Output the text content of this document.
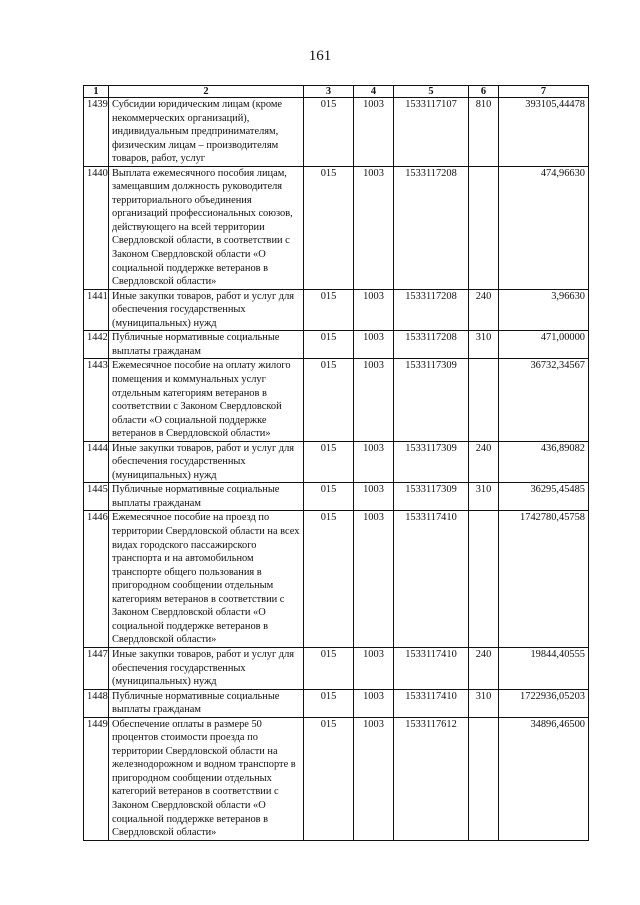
161
1	2	3	4	5	6	7
1439	Субсидии юридическим лицам (кроме некоммерческих организаций), индивидуальным предпринимателям, физическим лицам – производителям товаров, работ, услуг	015	1003	1533117107	810	393105,44478
1440	Выплата ежемесячного пособия лицам, замещавшим должность руководителя территориального объединения организаций профессиональных союзов, действующего на всей территории Свердловской области, в соответствии с Законом Свердловской области «О социальной поддержке ветеранов в Свердловской области»	015	1003	1533117208		474,96630
1441	Иные закупки товаров, работ и услуг для обеспечения государственных (муниципальных) нужд	015	1003	1533117208	240	3,96630
1442	Публичные нормативные социальные выплаты гражданам	015	1003	1533117208	310	471,00000
1443	Ежемесячное пособие на оплату жилого помещения и коммунальных услуг отдельным категориям ветеранов в соответствии с Законом Свердловской области «О социальной поддержке ветеранов в Свердловской области»	015	1003	1533117309		36732,34567
1444	Иные закупки товаров, работ и услуг для обеспечения государственных (муниципальных) нужд	015	1003	1533117309	240	436,89082
1445	Публичные нормативные социальные выплаты гражданам	015	1003	1533117309	310	36295,45485
1446	Ежемесячное пособие на проезд по территории Свердловской области на всех видах городского пассажирского транспорта и на автомобильном транспорте общего пользования в пригородном сообщении отдельным категориям ветеранов в соответствии с Законом Свердловской области «О социальной поддержке ветеранов в Свердловской области»	015	1003	1533117410		1742780,45758
1447	Иные закупки товаров, работ и услуг для обеспечения государственных (муниципальных) нужд	015	1003	1533117410	240	19844,40555
1448	Публичные нормативные социальные выплаты гражданам	015	1003	1533117410	310	1722936,05203
1449	Обеспечение оплаты в размере 50 процентов стоимости проезда по территории Свердловской области на железнодорожном и водном транспорте в пригородном сообщении отдельных категорий ветеранов в соответствии с Законом Свердловской области «О социальной поддержке ветеранов в Свердловской области»	015	1003	1533117612		34896,46500
